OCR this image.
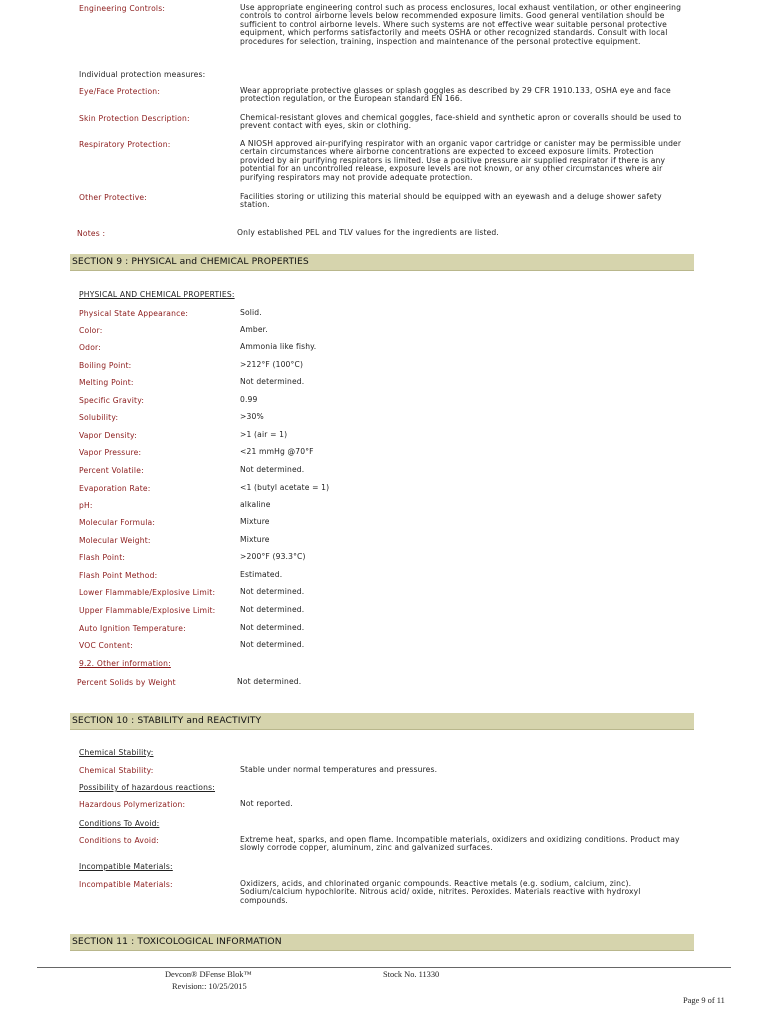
Engineering Controls:	Use appropriate engineering control such as process enclosures, local exhaust ventilation, or other engineering controls to control airborne levels below recommended exposure limits. Good general ventilation should be sufficient to control airborne levels. Where such systems are not effective wear suitable personal protective equipment, which performs satisfactorily and meets OSHA or other recognized standards. Consult with local procedures for selection, training, inspection and maintenance of the personal protective equipment.
Individual protection measures:
Eye/Face Protection:	Wear appropriate protective glasses or splash goggles as described by 29 CFR 1910.133, OSHA eye and face protection regulation, or the European standard EN 166.
Skin Protection Description:	Chemical-resistant gloves and chemical goggles, face-shield and synthetic apron or coveralls should be used to prevent contact with eyes, skin or clothing.
Respiratory Protection:	A NIOSH approved air-purifying respirator with an organic vapor cartridge or canister may be permissible under certain circumstances where airborne concentrations are expected to exceed exposure limits. Protection provided by air purifying respirators is limited. Use a positive pressure air supplied respirator if there is any potential for an uncontrolled release, exposure levels are not known, or any other circumstances where air purifying respirators may not provide adequate protection.
Other Protective:	Facilities storing or utilizing this material should be equipped with an eyewash and a deluge shower safety station.
Notes :	Only established PEL and TLV values for the ingredients are listed.
SECTION 9 : PHYSICAL and CHEMICAL PROPERTIES
PHYSICAL AND CHEMICAL PROPERTIES:
Physical State Appearance:	Solid.
Color:	Amber.
Odor:	Ammonia like fishy.
Boiling Point:	>212°F (100°C)
Melting Point:	Not determined.
Specific Gravity:	0.99
Solubility:	>30%
Vapor Density:	>1 (air = 1)
Vapor Pressure:	<21 mmHg @70°F
Percent Volatile:	Not determined.
Evaporation Rate:	<1 (butyl acetate = 1)
pH:	alkaline
Molecular Formula:	Mixture
Molecular Weight:	Mixture
Flash Point:	>200°F (93.3°C)
Flash Point Method:	Estimated.
Lower Flammable/Explosive Limit:	Not determined.
Upper Flammable/Explosive Limit:	Not determined.
Auto Ignition Temperature:	Not determined.
VOC Content:	Not determined.
9.2. Other information:
Percent Solids by Weight	Not determined.
SECTION 10 : STABILITY and REACTIVITY
Chemical Stability:
Chemical Stability:	Stable under normal temperatures and pressures.
Possibility of hazardous reactions:
Hazardous Polymerization:	Not reported.
Conditions To Avoid:
Conditions to Avoid:	Extreme heat, sparks, and open flame. Incompatible materials, oxidizers and oxidizing conditions. Product may slowly corrode copper, aluminum, zinc and galvanized surfaces.
Incompatible Materials:
Incompatible Materials:	Oxidizers, acids, and chlorinated organic compounds. Reactive metals (e.g. sodium, calcium, zinc). Sodium/calcium hypochlorite. Nitrous acid/ oxide, nitrites. Peroxides. Materials reactive with hydroxyl compounds.
SECTION 11 : TOXICOLOGICAL INFORMATION
Devcon® DFense Blok™
Revision:: 10/25/2015
Stock No. 11330
Page 9 of 11
